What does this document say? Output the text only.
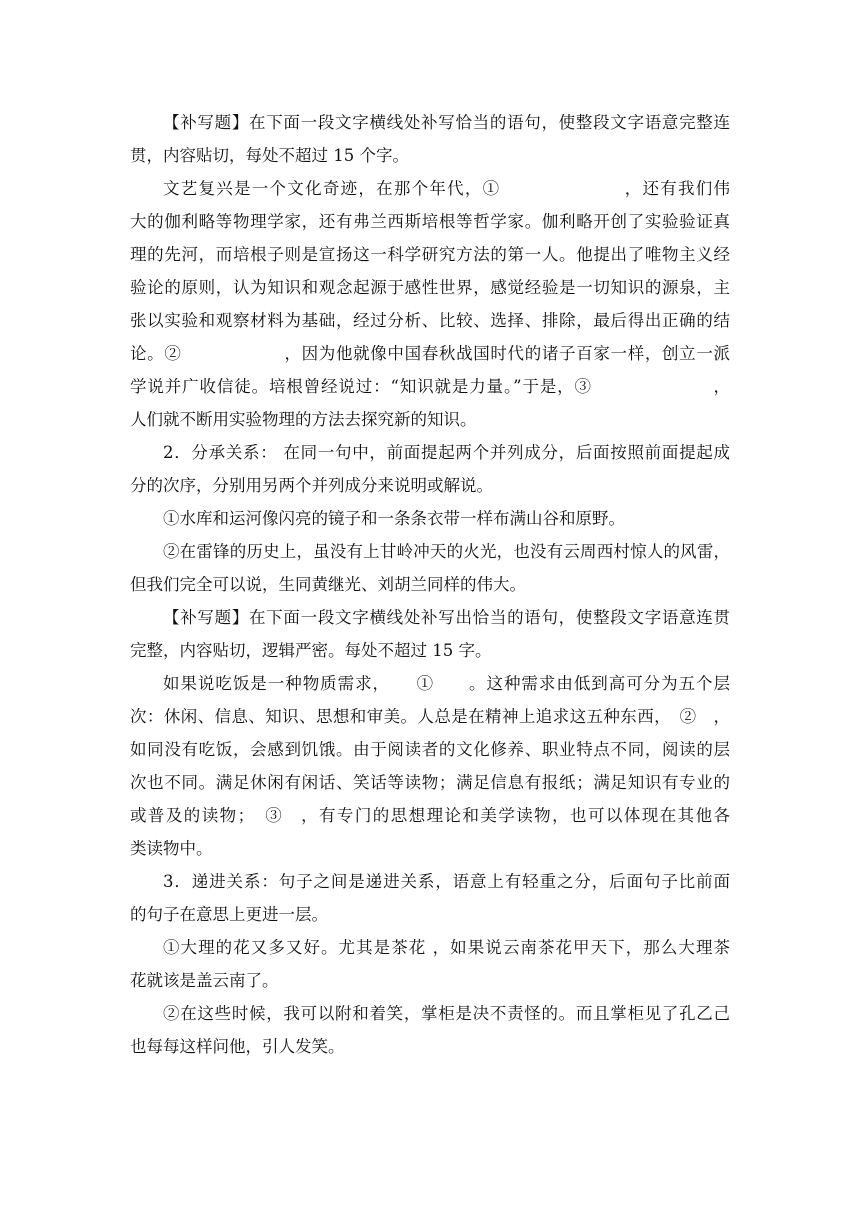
【补写题】在下面一段文字横线处补写恰当的语句，使整段文字语意完整连
贯，内容贴切，每处不超过 15 个字。
文艺复兴是一个文化奇迹，在那个年代，①　　　　　　　，还有我们伟
大的伽利略等物理学家，还有弗兰西斯培根等哲学家。伽利略开创了实验验证真
理的先河，而培根子则是宣扬这一科学研究方法的第一人。他提出了唯物主义经
验论的原则，认为知识和观念起源于感性世界，感觉经验是一切知识的源泉，主
张以实验和观察材料为基础，经过分析、比较、选择、排除，最后得出正确的结
论。②　　　　　　，因为他就像中国春秋战国时代的诸子百家一样，创立一派
学说并广收信徒。培根曾经说过：“知识就是力量。”于是，③　　　　　　　，
人们就不断用实验物理的方法去探究新的知识。
2．分承关系： 在同一句中，前面提起两个并列成分，后面按照前面提起成
分的次序，分别用另两个并列成分来说明或解说。
①水库和运河像闪亮的镜子和一条条衣带一样布满山谷和原野。
②在雷锋的历史上，虽没有上甘岭冲天的火光，也没有云周西村惊人的风雷，
但我们完全可以说，生同黄继光、刘胡兰同样的伟大。
【补写题】在下面一段文字横线处补写出恰当的语句，使整段文字语意连贯
完整，内容贴切，逻辑严密。每处不超过 15 字。
如果说吃饭是一种物质需求，　　①　　。这种需求由低到高可分为五个层
次：休闲、信息、知识、思想和审美。人总是在精神上追求这五种东西，　②　，
如同没有吃饭，会感到饥饿。由于阅读者的文化修养、职业特点不同，阅读的层
次也不同。满足休闲有闲话、笑话等读物；满足信息有报纸；满足知识有专业的
或普及的读物；　③　，有专门的思想理论和美学读物，也可以体现在其他各
类读物中。
3．递进关系：句子之间是递进关系，语意上有轻重之分，后面句子比前面
的句子在意思上更进一层。
①大理的花又多又好。尤其是茶花 ，如果说云南茶花甲天下，那么大理茶
花就该是盖云南了。
②在这些时候，我可以附和着笑，掌柜是决不责怪的。而且掌柜见了孔乙己
也每每这样问他，引人发笑。
